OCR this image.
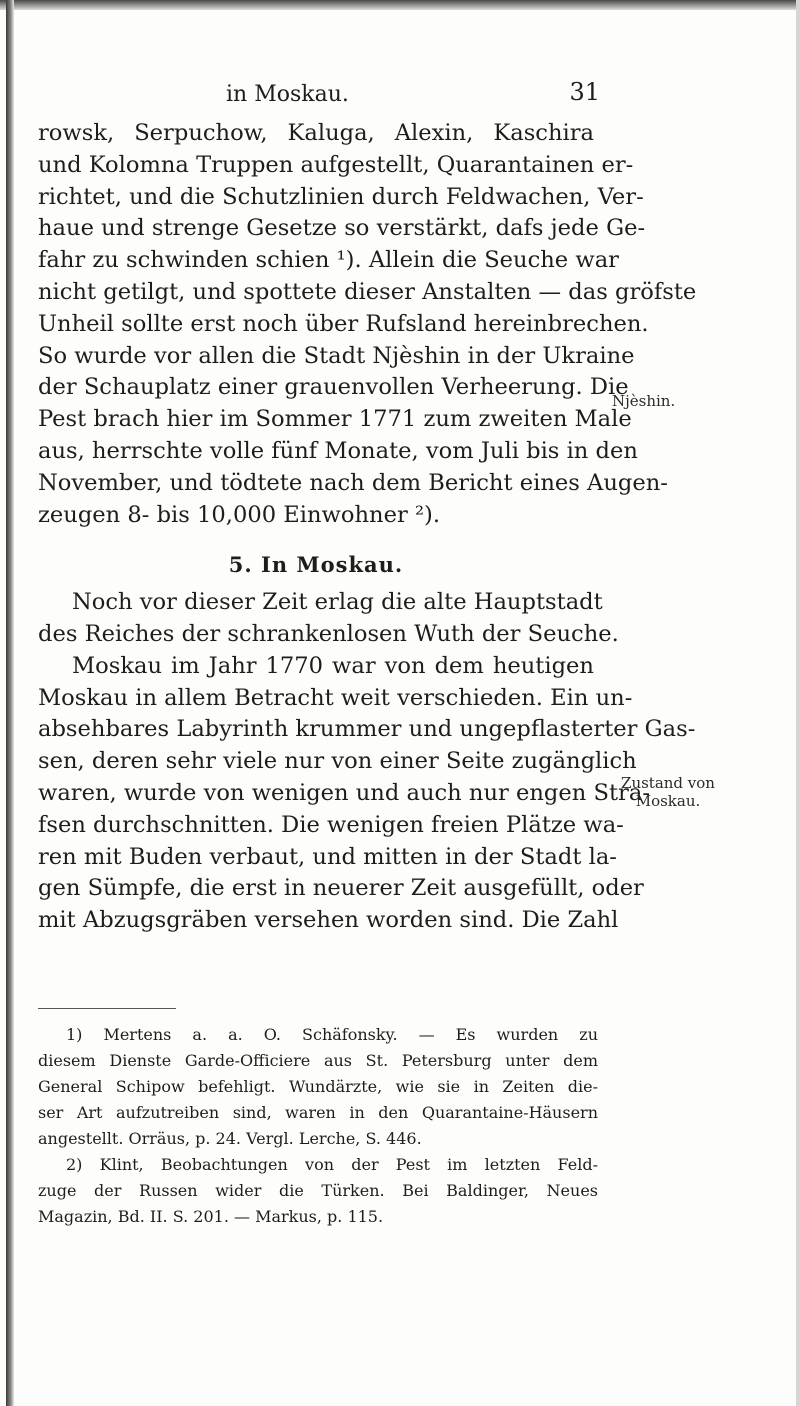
in Moskau.	31
rowsk, Serpuchow, Kaluga, Alexin, Kaschira
und Kolomna Truppen aufgestellt, Quarantainen er-
richtet, und die Schutzlinien durch Feldwachen, Ver-
haue und strenge Gesetze so verstärkt, dafs jede Ge-
fahr zu schwinden schien ¹). Allein die Seuche war
nicht getilgt, und spottete dieser Anstalten — das gröfste
Unheil sollte erst noch über Rufsland hereinbrechen.
So wurde vor allen die Stadt Njèshin in der Ukraine
der Schauplatz einer grauenvollen Verheerung. Die
Pest brach hier im Sommer 1771 zum zweiten Male
aus, herrschte volle fünf Monate, vom Juli bis in den
November, und tödtete nach dem Bericht eines Augen-
zeugen 8- bis 10,000 Einwohner ²).
5. In Moskau.
Noch vor dieser Zeit erlag die alte Hauptstadt
des Reiches der schrankenlosen Wuth der Seuche.
Moskau im Jahr 1770 war von dem heutigen
Moskau in allem Betracht weit verschieden. Ein un-
absehbares Labyrinth krummer und ungepflasterter Gas-
sen, deren sehr viele nur von einer Seite zugänglich
waren, wurde von wenigen und auch nur engen Stra-
fsen durchschnitten. Die wenigen freien Plätze wa-
ren mit Buden verbaut, und mitten in der Stadt la-
gen Sümpfe, die erst in neuerer Zeit ausgefüllt, oder
mit Abzugsgräben versehen worden sind. Die Zahl
Njèshin.
Zustand von Moskau.
1) Mertens a. a. O. Schäfonsky. — Es wurden zu
diesem Dienste Garde-Officiere aus St. Petersburg unter dem
General Schipow befehligt. Wundärzte, wie sie in Zeiten die-
ser Art aufzutreiben sind, waren in den Quarantaine-Häusern
angestellt. Orräus, p. 24. Vergl. Lerche, S. 446.
2) Klint, Beobachtungen von der Pest im letzten Feld-
zuge der Russen wider die Türken. Bei Baldinger, Neues
Magazin, Bd. II. S. 201. — Markus, p. 115.
